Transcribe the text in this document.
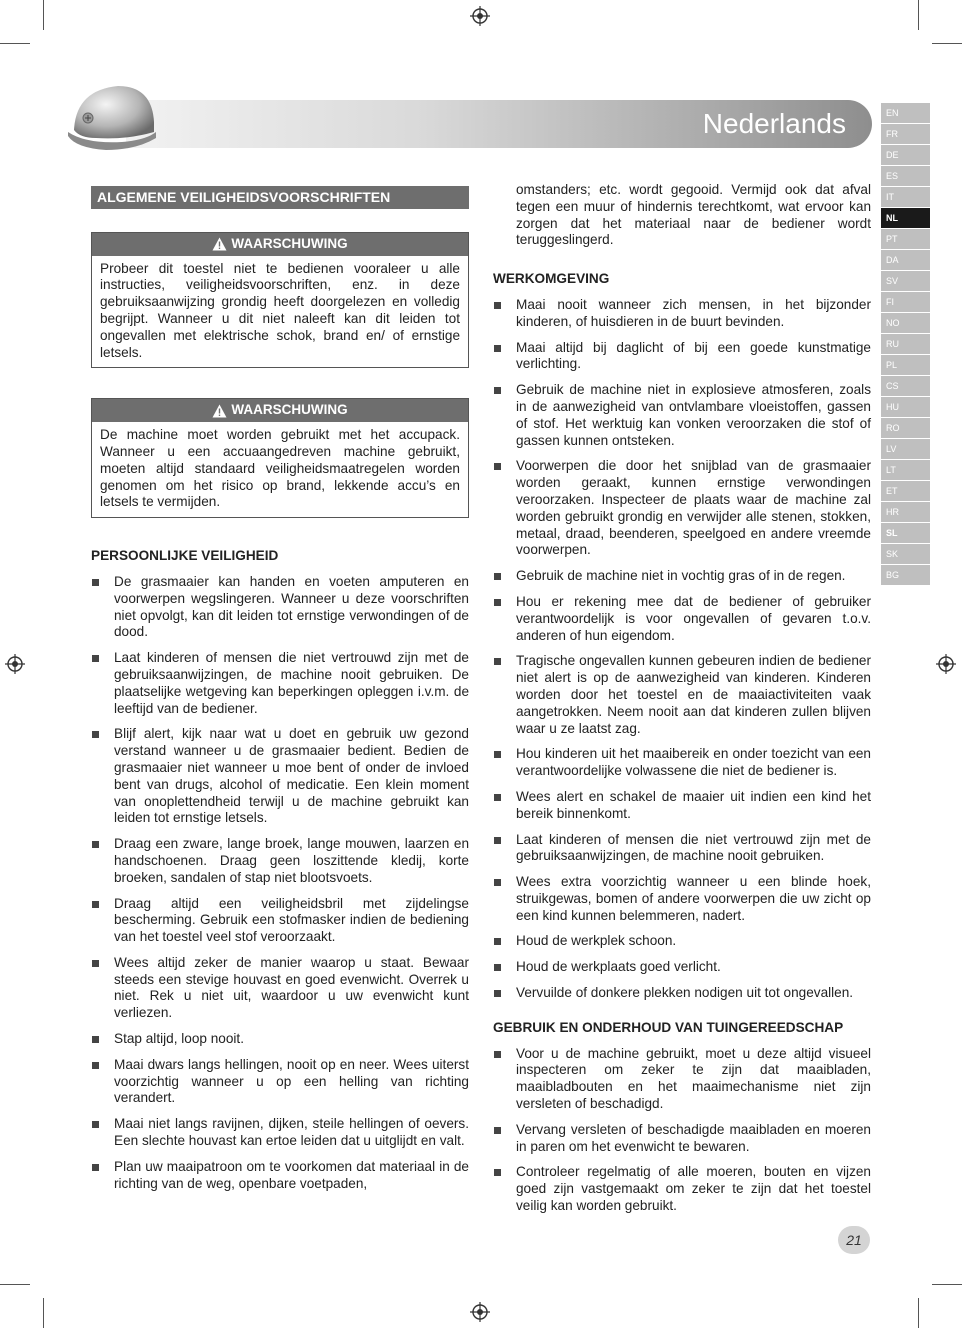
Nederlands	EN
FR
DE
ES
IT
NL
PT
DA
SV
FI
NO
RU
PL
CS
HU
RO
LV
LT
ET
HR
SL
SK
BG
ALGEMENE VEILIGHEIDSVOORSCHRIFTEN
WAARSCHUWING
Probeer dit toestel niet te bedienen vooraleer u alle instructies, veiligheidsvoorschriften, enz. in deze gebruiksaanwijzing grondig heeft doorgelezen en volledig begrijpt. Wanneer u dit niet naleeft kan dit leiden tot ongevallen met elektrische schok, brand en/ of ernstige letsels.
WAARSCHUWING
De machine moet worden gebruikt met het accupack. Wanneer u een accuaangedreven machine gebruikt, moeten altijd standaard veiligheidsmaatregelen worden genomen om het risico op brand, lekkende accu’s en letsels te vermijden.
PERSOONLIJKE VEILIGHEID
De grasmaaier kan handen en voeten amputeren en voorwerpen wegslingeren. Wanneer u deze voorschriften niet opvolgt, kan dit leiden tot ernstige verwondingen of de dood.
Laat kinderen of mensen die niet vertrouwd zijn met de gebruiksaanwijzingen, de machine nooit gebruiken. De plaatselijke wetgeving kan beperkingen opleggen i.v.m. de leeftijd van de bediener.
Blijf alert, kijk naar wat u doet en gebruik uw gezond verstand wanneer u de grasmaaier bedient. Bedien de grasmaaier niet wanneer u moe bent of onder de invloed bent van drugs, alcohol of medicatie. Een klein moment van onoplettendheid terwijl u de machine gebruikt kan leiden tot ernstige letsels.
Draag een zware, lange broek, lange mouwen, laarzen en handschoenen. Draag geen loszittende kledij, korte broeken, sandalen of stap niet blootsvoets.
Draag altijd een veiligheidsbril met zijdelingse bescherming. Gebruik een stofmasker indien de bediening van het toestel veel stof veroorzaakt.
Wees altijd zeker de manier waarop u staat. Bewaar steeds een stevige houvast en goed evenwicht. Overrek u niet. Rek u niet uit, waardoor u uw evenwicht kunt verliezen.
Stap altijd, loop nooit.
Maai dwars langs hellingen, nooit op en neer. Wees uiterst voorzichtig wanneer u op een helling van richting verandert.
Maai niet langs ravijnen, dijken, steile hellingen of oevers. Een slechte houvast kan ertoe leiden dat u uitglijdt en valt.
Plan uw maaipatroon om te voorkomen dat materiaal in de richting van de weg, openbare voetpaden,
omstanders; etc. wordt gegooid. Vermijd ook dat afval tegen een muur of hindernis terechtkomt, wat ervoor kan zorgen dat het materiaal naar de bediener wordt teruggeslingerd.
WERKOMGEVING
Maai nooit wanneer zich mensen, in het bijzonder kinderen, of huisdieren in de buurt bevinden.
Maai altijd bij daglicht of bij een goede kunstmatige verlichting.
Gebruik de machine niet in explosieve atmosferen, zoals in de aanwezigheid van ontvlambare vloeistoffen, gassen of stof. Het werktuig kan vonken veroorzaken die stof of gassen kunnen ontsteken.
Voorwerpen die door het snijblad van de grasmaaier worden geraakt, kunnen ernstige verwondingen veroorzaken. Inspecteer de plaats waar de machine zal worden gebruikt grondig en verwijder alle stenen, stokken, metaal, draad, beenderen, speelgoed en andere vreemde voorwerpen.
Gebruik de machine niet in vochtig gras of in de regen.
Hou er rekening mee dat de bediener of gebruiker verantwoordelijk is voor ongevallen of gevaren t.o.v. anderen of hun eigendom.
Tragische ongevallen kunnen gebeuren indien de bediener niet alert is op de aanwezigheid van kinderen. Kinderen worden door het toestel en de maaiactiviteiten vaak aangetrokken. Neem nooit aan dat kinderen zullen blijven waar u ze laatst zag.
Hou kinderen uit het maaibereik en onder toezicht van een verantwoordelijke volwassene die niet de bediener is.
Wees alert en schakel de maaier uit indien een kind het bereik binnenkomt.
Laat kinderen of mensen die niet vertrouwd zijn met de gebruiksaanwijzingen, de machine nooit gebruiken.
Wees extra voorzichtig wanneer u een blinde hoek, struikgewas, bomen of andere voorwerpen die uw zicht op een kind kunnen belemmeren, nadert.
Houd de werkplek schoon.
Houd de werkplaats goed verlicht.
Vervuilde of donkere plekken nodigen uit tot ongevallen.
GEBRUIK EN ONDERHOUD VAN TUINGEREEDSCHAP
Voor u de machine gebruikt, moet u deze altijd visueel inspecteren om zeker te zijn dat maaibladen, maaibladbouten en het maaimechanisme niet zijn versleten of beschadigd.
Vervang versleten of beschadigde maaibladen en moeren in paren om het evenwicht te bewaren.
Controleer regelmatig of alle moeren, bouten en vijzen goed zijn vastgemaakt om zeker te zijn dat het toestel veilig kan worden gebruikt.
21
